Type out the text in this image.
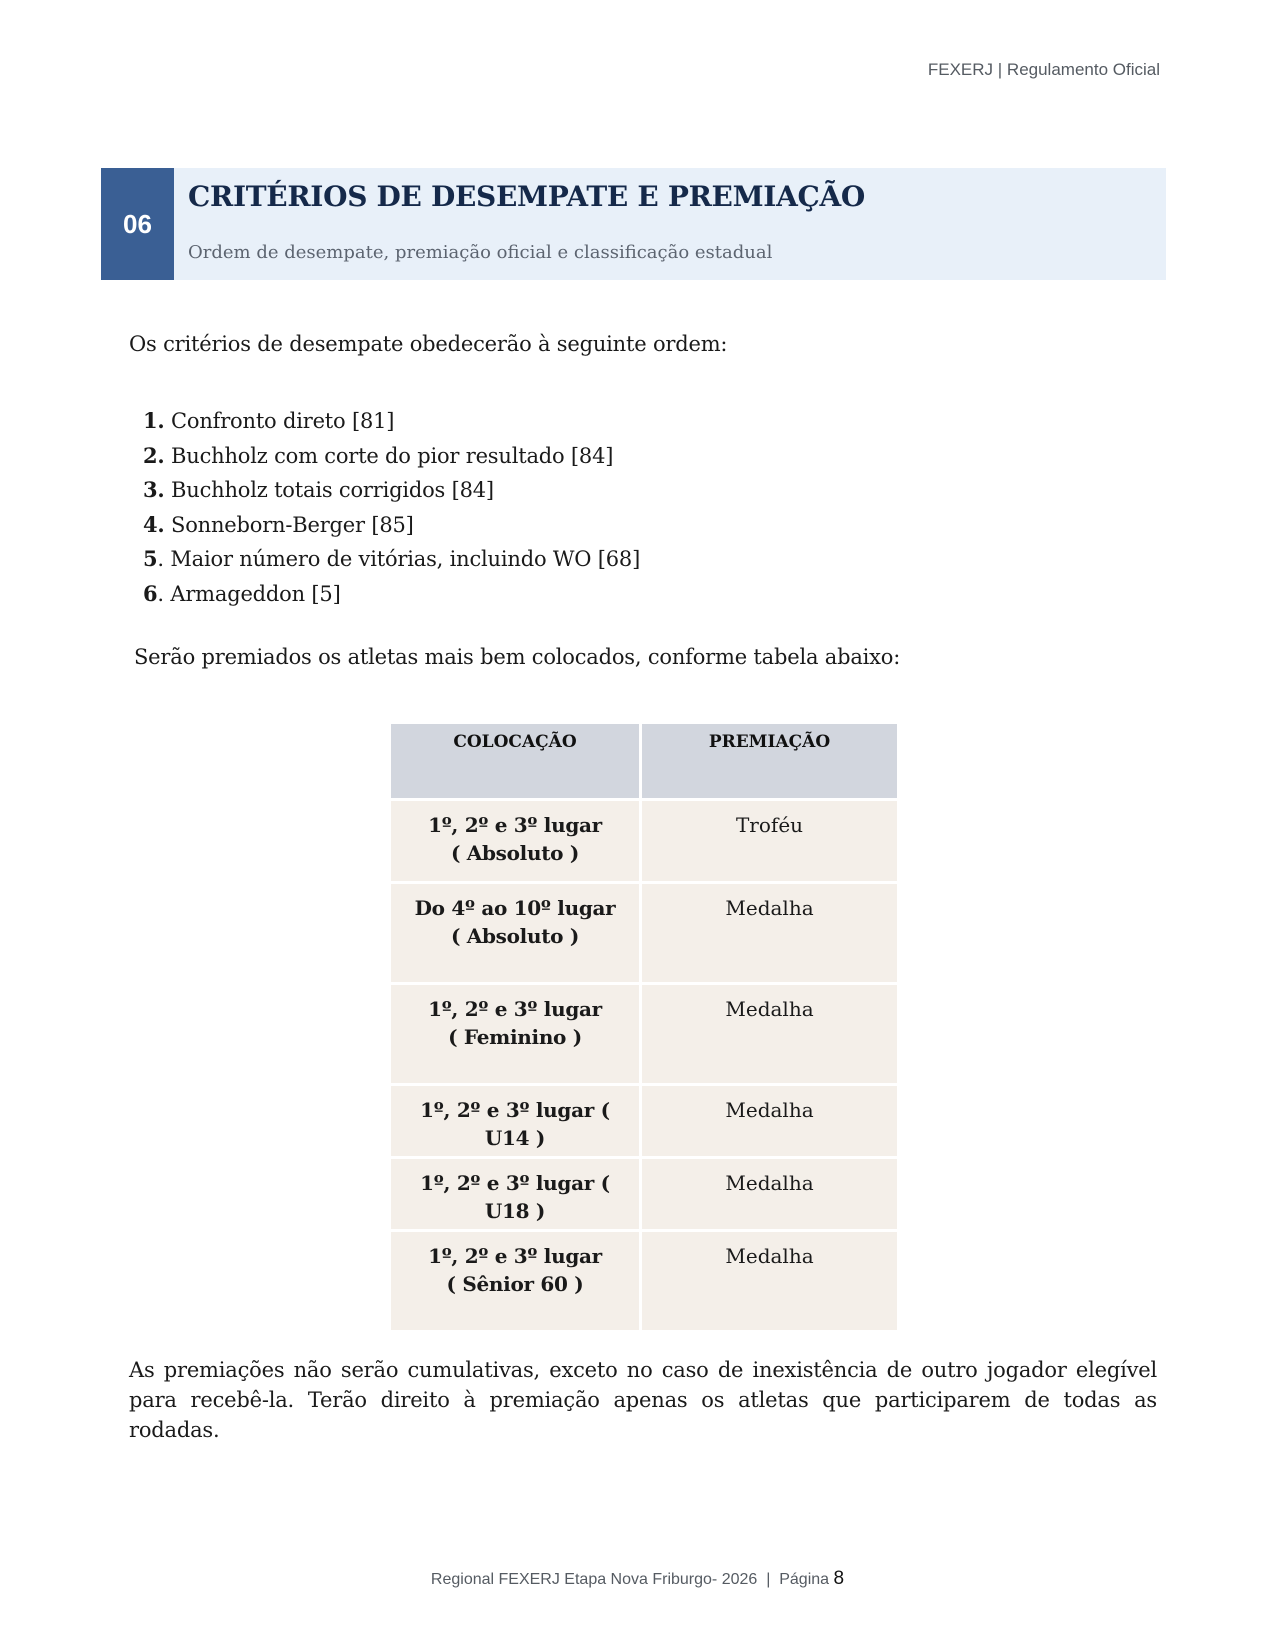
FEXERJ | Regulamento Oficial
06
CRITÉRIOS DE DESEMPATE E PREMIAÇÃO
Ordem de desempate, premiação oficial e classificação estadual

Os critérios de desempate obedecerão à seguinte ordem:

1. Confronto direto [81]
2. Buchholz com corte do pior resultado [84]
3. Buchholz totais corrigidos [84]
4. Sonneborn-Berger [85]
5. Maior número de vitórias, incluindo WO [68]
6. Armageddon [5]

Serão premiados os atletas mais bem colocados, conforme tabela abaixo:

COLOCAÇÃO	PREMIAÇÃO
1º, 2º e 3º lugar
( Absoluto )	Troféu
Do 4º ao 10º lugar
( Absoluto )	Medalha
1º, 2º e 3º lugar
( Feminino )	Medalha
1º, 2º e 3º lugar ( U14 )	Medalha
1º, 2º e 3º lugar ( U18 )	Medalha
1º, 2º e 3º lugar
( Sênior 60 )	Medalha

As premiações não serão cumulativas, exceto no caso de inexistência de outro jogador elegível para recebê-la. Terão direito à premiação apenas os atletas que participarem de todas as rodadas.

Regional FEXERJ Etapa Nova Friburgo- 2026  |  Página 8
